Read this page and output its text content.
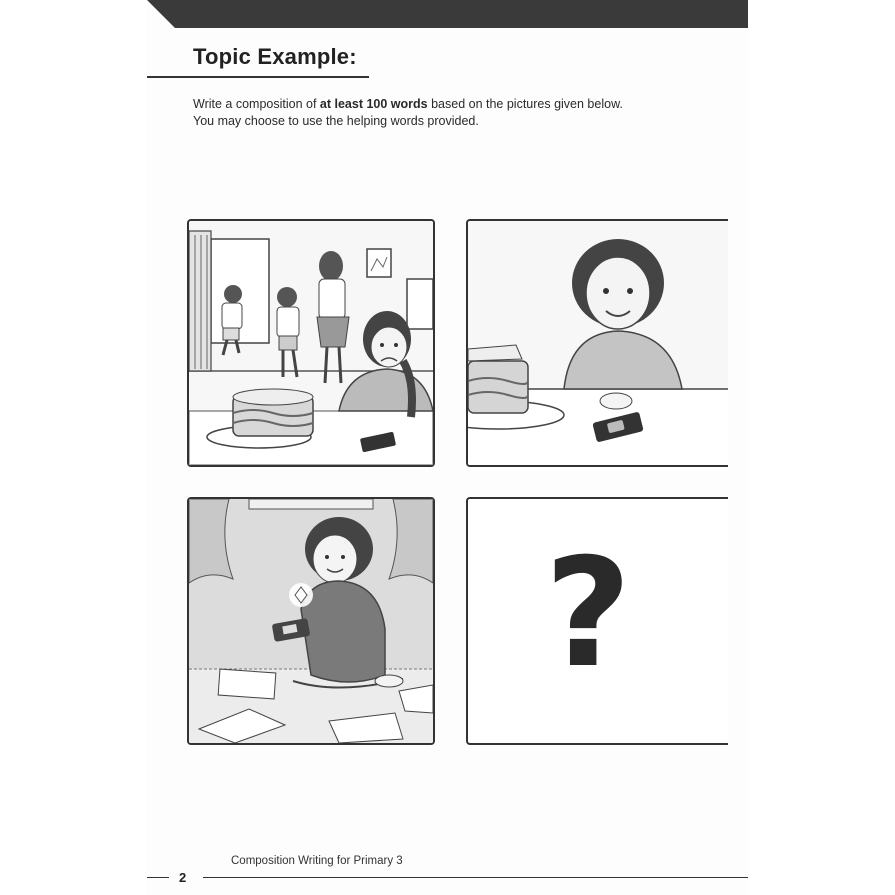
Topic Example:
Write a composition of at least 100 words based on the pictures given below.
You may choose to use the helping words provided.
?
2
Composition Writing for Primary 3
